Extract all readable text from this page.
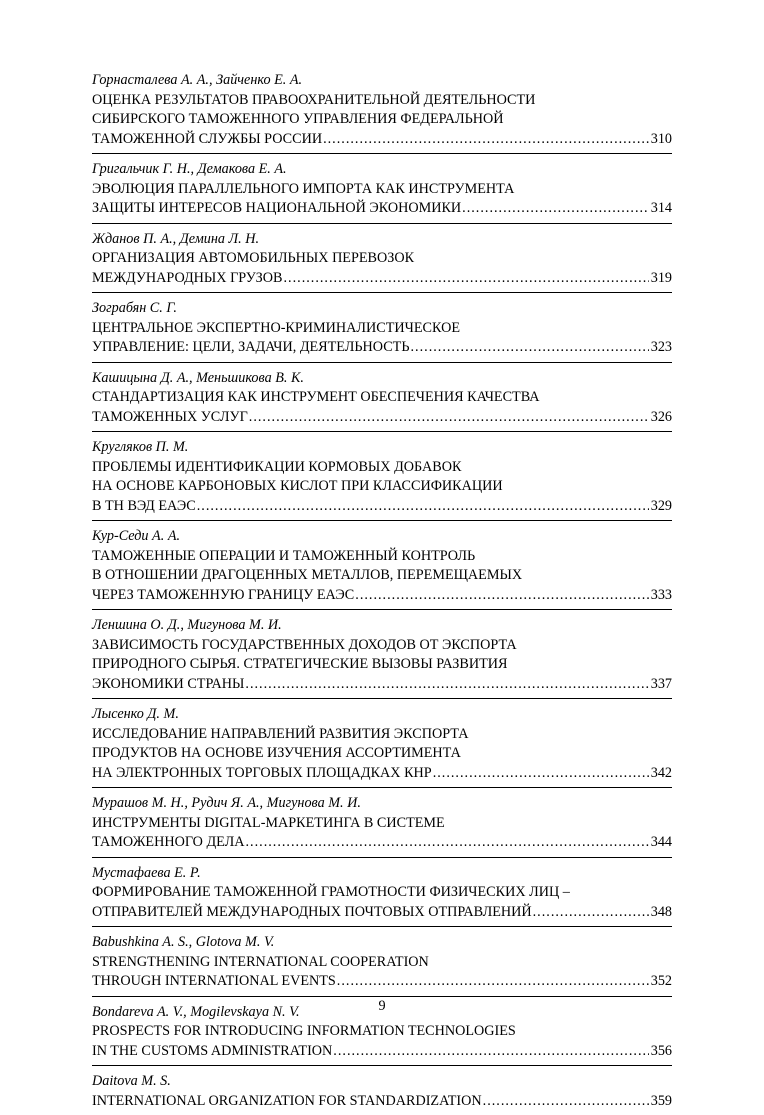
Горнасталева А. А., Зайченко Е. А.
ОЦЕНКА РЕЗУЛЬТАТОВ ПРАВООХРАНИТЕЛЬНОЙ ДЕЯТЕЛЬНОСТИ
СИБИРСКОГО ТАМОЖЕННОГО УПРАВЛЕНИЯ ФЕДЕРАЛЬНОЙ
ТАМОЖЕННОЙ СЛУЖБЫ РОССИИ .....	310
Григальчик Г. Н., Демакова Е. А.
ЭВОЛЮЦИЯ ПАРАЛЛЕЛЬНОГО ИМПОРТА КАК ИНСТРУМЕНТА
ЗАЩИТЫ ИНТЕРЕСОВ НАЦИОНАЛЬНОЙ ЭКОНОМИКИ .....	314
Жданов П. А., Демина Л. Н.
ОРГАНИЗАЦИЯ АВТОМОБИЛЬНЫХ ПЕРЕВОЗОК
МЕЖДУНАРОДНЫХ ГРУЗОВ .....	319
Зограбян С. Г.
ЦЕНТРАЛЬНОЕ ЭКСПЕРТНО-КРИМИНАЛИСТИЧЕСКОЕ
УПРАВЛЕНИЕ: ЦЕЛИ, ЗАДАЧИ, ДЕЯТЕЛЬНОСТЬ .....	323
Кашицына Д. А., Меньшикова В. К.
СТАНДАРТИЗАЦИЯ КАК ИНСТРУМЕНТ ОБЕСПЕЧЕНИЯ КАЧЕСТВА
ТАМОЖЕННЫХ УСЛУГ .....	326
Кругляков П. М.
ПРОБЛЕМЫ ИДЕНТИФИКАЦИИ КОРМОВЫХ ДОБАВОК
НА ОСНОВЕ КАРБОНОВЫХ КИСЛОТ ПРИ КЛАССИФИКАЦИИ
В ТН ВЭД ЕАЭС .....	329
Кур-Седи А. А.
ТАМОЖЕННЫЕ ОПЕРАЦИИ И ТАМОЖЕННЫЙ КОНТРОЛЬ
В ОТНОШЕНИИ ДРАГОЦЕННЫХ МЕТАЛЛОВ, ПЕРЕМЕЩАЕМЫХ
ЧЕРЕЗ ТАМОЖЕННУЮ ГРАНИЦУ ЕАЭС .....	333
Леншина О. Д., Мигунова М. И.
ЗАВИСИМОСТЬ ГОСУДАРСТВЕННЫХ ДОХОДОВ ОТ ЭКСПОРТА
ПРИРОДНОГО СЫРЬЯ. СТРАТЕГИЧЕСКИЕ ВЫЗОВЫ РАЗВИТИЯ
ЭКОНОМИКИ СТРАНЫ .....	337
Лысенко Д. М.
ИССЛЕДОВАНИЕ НАПРАВЛЕНИЙ РАЗВИТИЯ ЭКСПОРТА
ПРОДУКТОВ НА ОСНОВЕ ИЗУЧЕНИЯ АССОРТИМЕНТА
НА ЭЛЕКТРОННЫХ ТОРГОВЫХ ПЛОЩАДКАХ КНР .....	342
Мурашов М. Н., Рудич Я. А., Мигунова М. И.
ИНСТРУМЕНТЫ DIGITAL-МАРКЕТИНГА В СИСТЕМЕ
ТАМОЖЕННОГО ДЕЛА .....	344
Мустафаева Е. Р.
ФОРМИРОВАНИЕ ТАМОЖЕННОЙ ГРАМОТНОСТИ ФИЗИЧЕСКИХ ЛИЦ –
ОТПРАВИТЕЛЕЙ МЕЖДУНАРОДНЫХ ПОЧТОВЫХ ОТПРАВЛЕНИЙ .....	348
Babushkina A. S., Glotova M. V.
STRENGTHENING INTERNATIONAL COOPERATION
THROUGH INTERNATIONAL EVENTS .....	352
Bondareva A. V., Mogilevskaya N. V.
PROSPECTS FOR INTRODUCING INFORMATION TECHNOLOGIES
IN THE CUSTOMS ADMINISTRATION .....	356
Daitova M. S.
INTERNATIONAL ORGANIZATION FOR STANDARDIZATION .....	359
9
